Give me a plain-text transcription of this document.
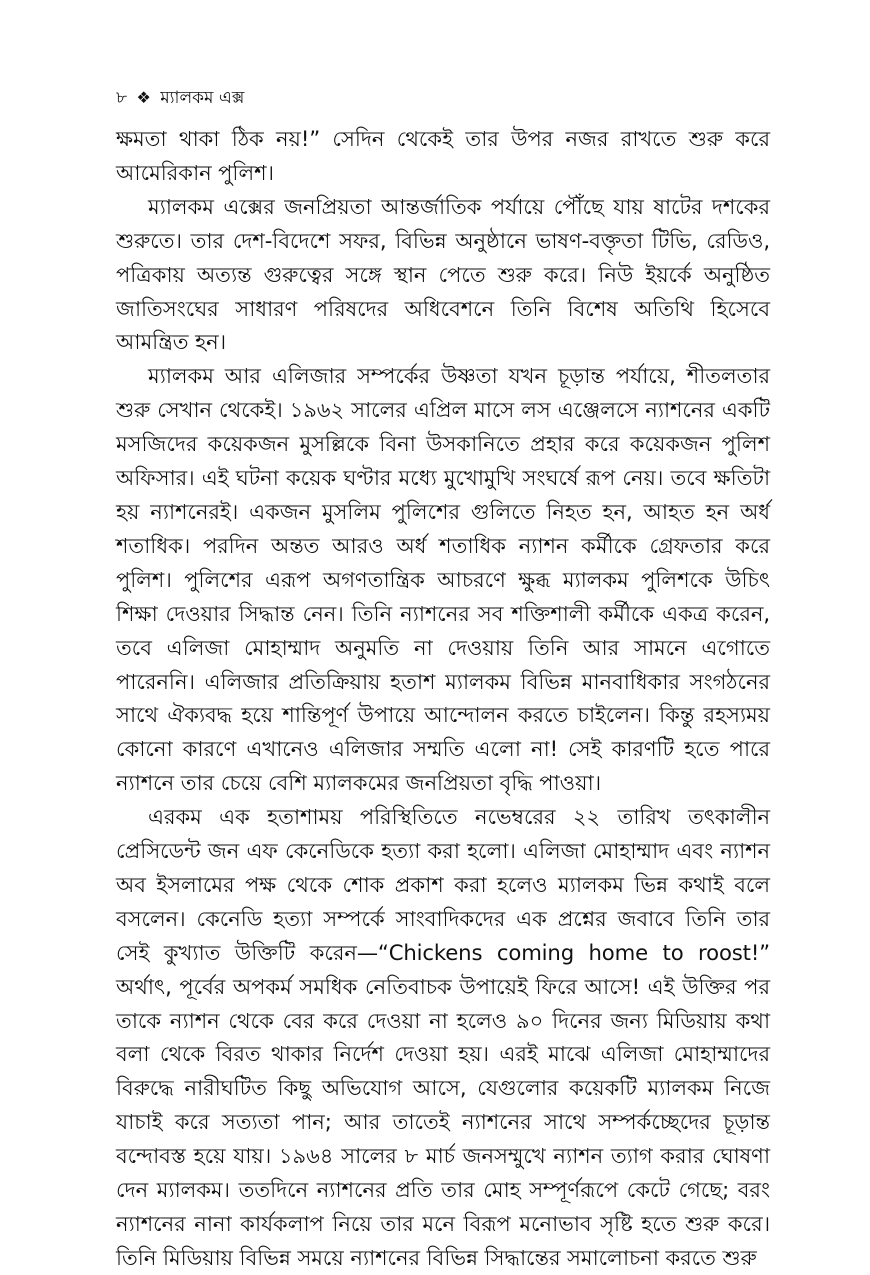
৮ ❖ ম্যালকম এক্স

ক্ষমতা থাকা ঠিক নয়!” সেদিন থেকেই তার উপর নজর রাখতে শুরু করে আমেরিকান পুলিশ।

ম্যালকম এক্সের জনপ্রিয়তা আন্তর্জাতিক পর্যায়ে পৌঁছে যায় ষাটের দশকের শুরুতে। তার দেশ-বিদেশে সফর, বিভিন্ন অনুষ্ঠানে ভাষণ-বক্তৃতা টিভি, রেডিও, পত্রিকায় অত্যন্ত গুরুত্বের সঙ্গে স্থান পেতে শুরু করে। নিউ ইয়র্কে অনুষ্ঠিত জাতিসংঘের সাধারণ পরিষদের অধিবেশনে তিনি বিশেষ অতিথি হিসেবে আমন্ত্রিত হন।

ম্যালকম আর এলিজার সম্পর্কের উষ্ণতা যখন চূড়ান্ত পর্যায়ে, শীতলতার শুরু সেখান থেকেই। ১৯৬২ সালের এপ্রিল মাসে লস এঞ্জেলসে ন্যাশনের একটি মসজিদের কয়েকজন মুসল্লিকে বিনা উসকানিতে প্রহার করে কয়েকজন পুলিশ অফিসার। এই ঘটনা কয়েক ঘণ্টার মধ্যে মুখোমুখি সংঘর্ষে রূপ নেয়। তবে ক্ষতিটা হয় ন্যাশনেরই। একজন মুসলিম পুলিশের গুলিতে নিহত হন, আহত হন অর্ধ শতাধিক। পরদিন অন্তত আরও অর্ধ শতাধিক ন্যাশন কর্মীকে গ্রেফতার করে পুলিশ। পুলিশের এরূপ অগণতান্ত্রিক আচরণে ক্ষুব্ধ ম্যালকম পুলিশকে উচিৎ শিক্ষা দেওয়ার সিদ্ধান্ত নেন। তিনি ন্যাশনের সব শক্তিশালী কর্মীকে একত্র করেন, তবে এলিজা মোহাম্মাদ অনুমতি না দেওয়ায় তিনি আর সামনে এগোতে পারেননি। এলিজার প্রতিক্রিয়ায় হতাশ ম্যালকম বিভিন্ন মানবাধিকার সংগঠনের সাথে ঐক্যবদ্ধ হয়ে শান্তিপূর্ণ উপায়ে আন্দোলন করতে চাইলেন। কিন্তু রহস্যময় কোনো কারণে এখানেও এলিজার সম্মতি এলো না! সেই কারণটি হতে পারে ন্যাশনে তার চেয়ে বেশি ম্যালকমের জনপ্রিয়তা বৃদ্ধি পাওয়া।

এরকম এক হতাশাময় পরিস্থিতিতে নভেম্বরের ২২ তারিখ তৎকালীন প্রেসিডেন্ট জন এফ কেনেডিকে হত্যা করা হলো। এলিজা মোহাম্মাদ এবং ন্যাশন অব ইসলামের পক্ষ থেকে শোক প্রকাশ করা হলেও ম্যালকম ভিন্ন কথাই বলে বসলেন। কেনেডি হত্যা সম্পর্কে সাংবাদিকদের এক প্রশ্নের জবাবে তিনি তার সেই কুখ্যাত উক্তিটি করেন—“Chickens coming home to roost!” অর্থাৎ, পূর্বের অপকর্ম সমধিক নেতিবাচক উপায়েই ফিরে আসে! এই উক্তির পর তাকে ন্যাশন থেকে বের করে দেওয়া না হলেও ৯০ দিনের জন্য মিডিয়ায় কথা বলা থেকে বিরত থাকার নির্দেশ দেওয়া হয়। এরই মাঝে এলিজা মোহাম্মাদের বিরুদ্ধে নারীঘটিত কিছু অভিযোগ আসে, যেগুলোর কয়েকটি ম্যালকম নিজে যাচাই করে সত্যতা পান; আর তাতেই ন্যাশনের সাথে সম্পর্কচ্ছেদের চূড়ান্ত বন্দোবস্ত হয়ে যায়। ১৯৬৪ সালের ৮ মার্চ জনসম্মুখে ন্যাশন ত্যাগ করার ঘোষণা দেন ম্যালকম। ততদিনে ন্যাশনের প্রতি তার মোহ সম্পূর্ণরূপে কেটে গেছে; বরং ন্যাশনের নানা কার্যকলাপ নিয়ে তার মনে বিরূপ মনোভাব সৃষ্টি হতে শুরু করে। তিনি মিডিয়ায় বিভিন্ন সময়ে ন্যাশনের বিভিন্ন সিদ্ধান্তের সমালোচনা করতে শুরু
